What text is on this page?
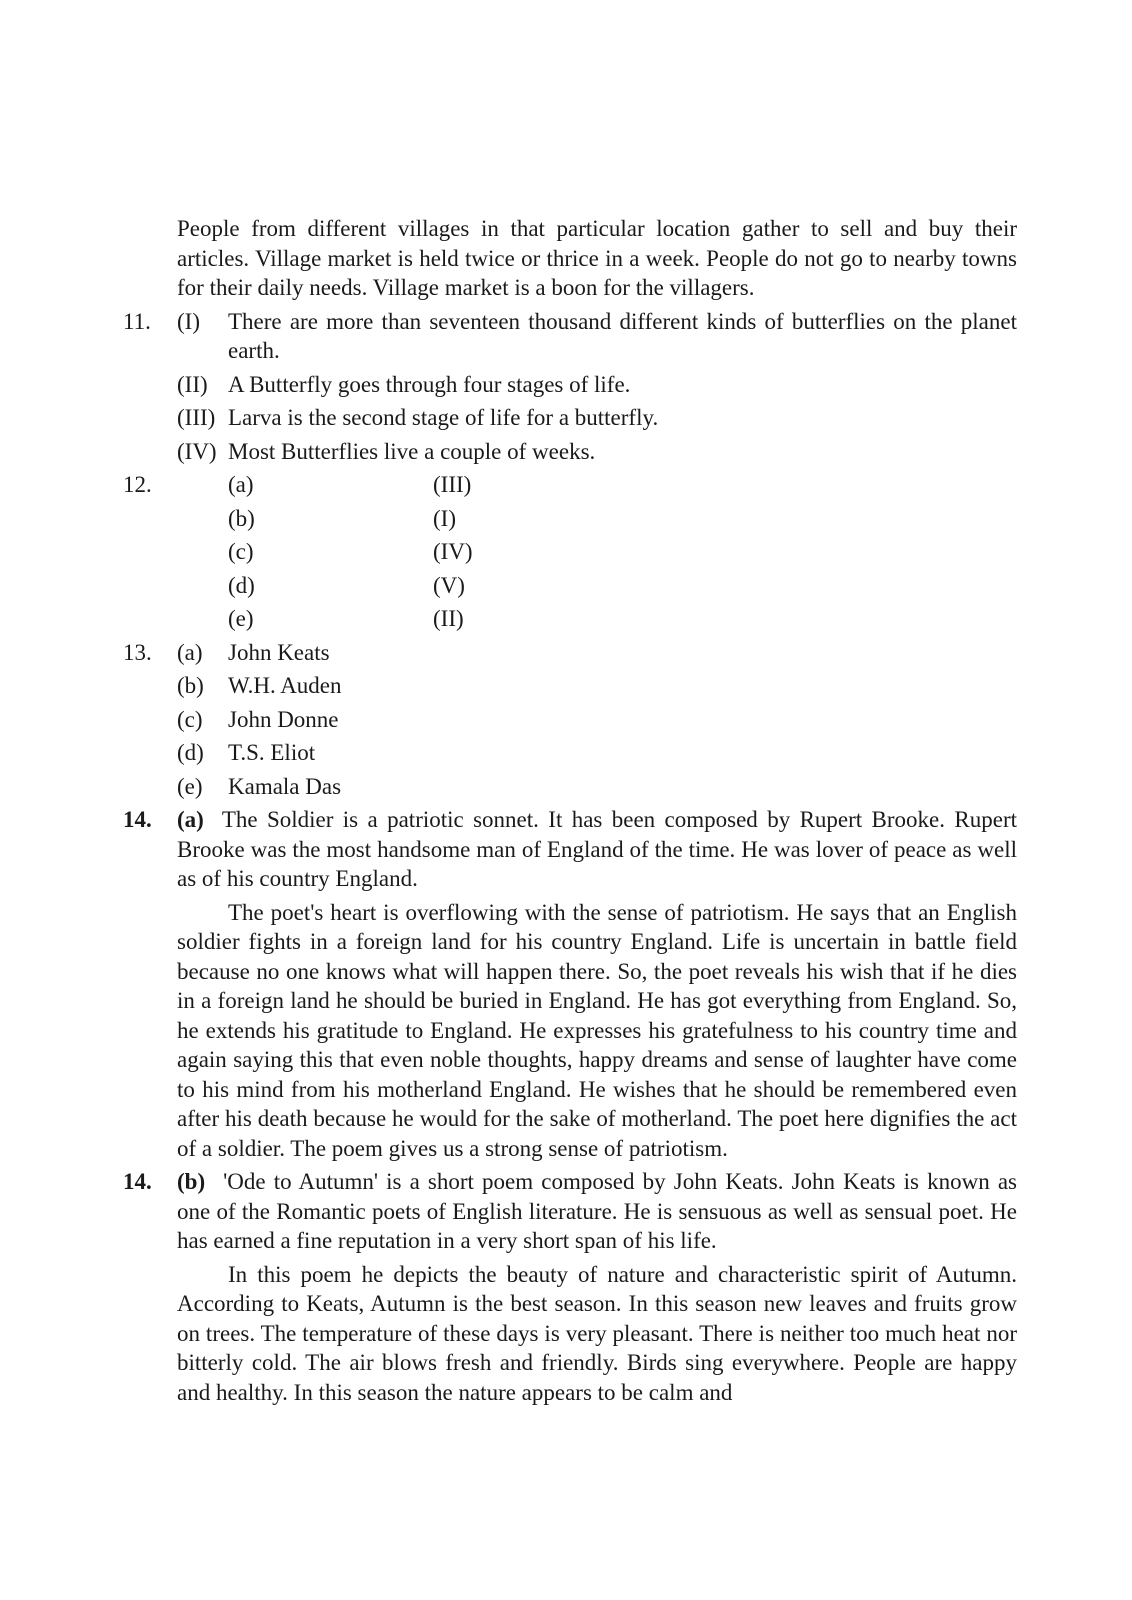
People from different villages in that particular location gather to sell and buy their articles. Village market is held twice or thrice in a week. People do not go to nearby towns for their daily needs. Village market is a boon for the villagers.

11. (I) There are more than seventeen thousand different kinds of butterflies on the planet earth.
(II) A Butterfly goes through four stages of life.
(III) Larva is the second stage of life for a butterfly.
(IV) Most Butterflies live a couple of weeks.
12.	(a)	(III)
(b)	(I)
(c)	(IV)
(d)	(V)
(e)	(II)
13. (a) John Keats
(b) W.H. Auden
(c) John Donne
(d) T.S. Eliot
(e) Kamala Das
14. (a) The Soldier is a patriotic sonnet. It has been composed by Rupert Brooke. Rupert Brooke was the most handsome man of England of the time. He was lover of peace as well as of his country England.

The poet's heart is overflowing with the sense of patriotism. He says that an English soldier fights in a foreign land for his country England. Life is uncertain in battle field because no one knows what will happen there. So, the poet reveals his wish that if he dies in a foreign land he should be buried in England. He has got everything from England. So, he extends his gratitude to England. He expresses his gratefulness to his country time and again saying this that even noble thoughts, happy dreams and sense of laughter have come to his mind from his motherland England. He wishes that he should be remembered even after his death because he would for the sake of motherland. The poet here dignifies the act of a soldier. The poem gives us a strong sense of patriotism.

14. (b) 'Ode to Autumn' is a short poem composed by John Keats. John Keats is known as one of the Romantic poets of English literature. He is sensuous as well as sensual poet. He has earned a fine reputation in a very short span of his life.

In this poem he depicts the beauty of nature and characteristic spirit of Autumn. According to Keats, Autumn is the best season. In this season new leaves and fruits grow on trees. The temperature of these days is very pleasant. There is neither too much heat nor bitterly cold. The air blows fresh and friendly. Birds sing everywhere. People are happy and healthy. In this season the nature appears to be calm and
